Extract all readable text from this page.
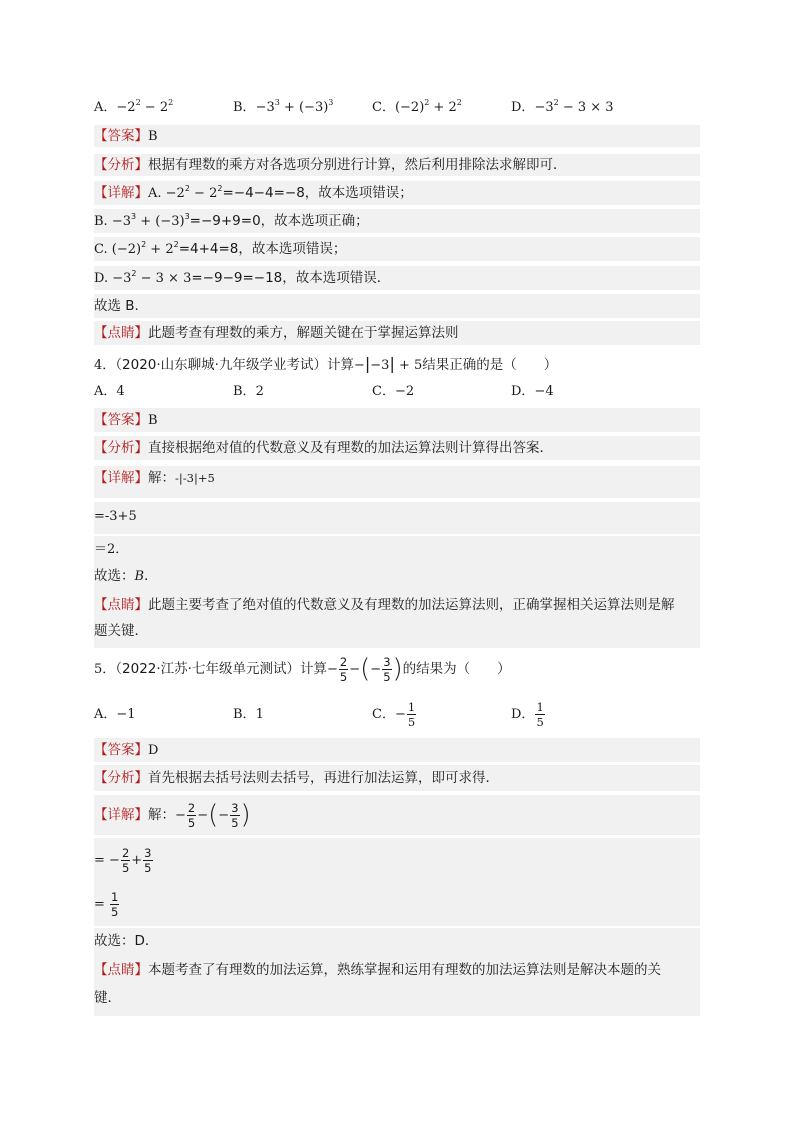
A．$-2^2 - 2^2$	B．$-3^3 + (-3)^3$	C．$(-2)^2 + 2^2$	D．$-3^2 - 3 \times 3$
【答案】B
【分析】根据有理数的乘方对各选项分别进行计算，然后利用排除法求解即可．
【详解】A. $-2^2 - 2^2=-4-4=-8$，故本选项错误；
B. $-3^3 + (-3)^3=-9+9=0$，故本选项正确；
C. $(-2)^2 + 2^2=4+4=8$，故本选项错误；
D. $-3^2 - 3 \times 3=-9-9=-18$，故本选项错误．
故选 B.
【点睛】此题考查有理数的乘方，解题关键在于掌握运算法则
4．（2020·山东聊城·九年级学业考试）计算−|−3| + 5结果正确的是（　　）
A．4	B．2	C．−2	D．−4
【答案】B
【分析】直接根据绝对值的代数意义及有理数的加法运算法则计算得出答案．
【详解】解：-|-3|+5
=-3+5
＝2．
故选：B．
【点睛】此题主要考查了绝对值的代数意义及有理数的加法运算法则，正确掌握相关运算法则是解
题关键．
5．（2022·江苏·七年级单元测试）计算− $\frac{2}{5}$ −(− $\frac{3}{5}$ )的结果为（　　）
A．−1	B．1	C．− $\frac{1}{5}$	D． $\frac{1}{5}$
【答案】D
【分析】首先根据去括号法则去括号，再进行加法运算，即可求得．
【详解】解：− $\frac{2}{5}$ −(− $\frac{3}{5}$ )
= − $\frac{2}{5} + \frac{3}{5}$
= $\frac{1}{5}$
故选：D．
【点睛】本题考查了有理数的加法运算，熟练掌握和运用有理数的加法运算法则是解决本题的关
键．
